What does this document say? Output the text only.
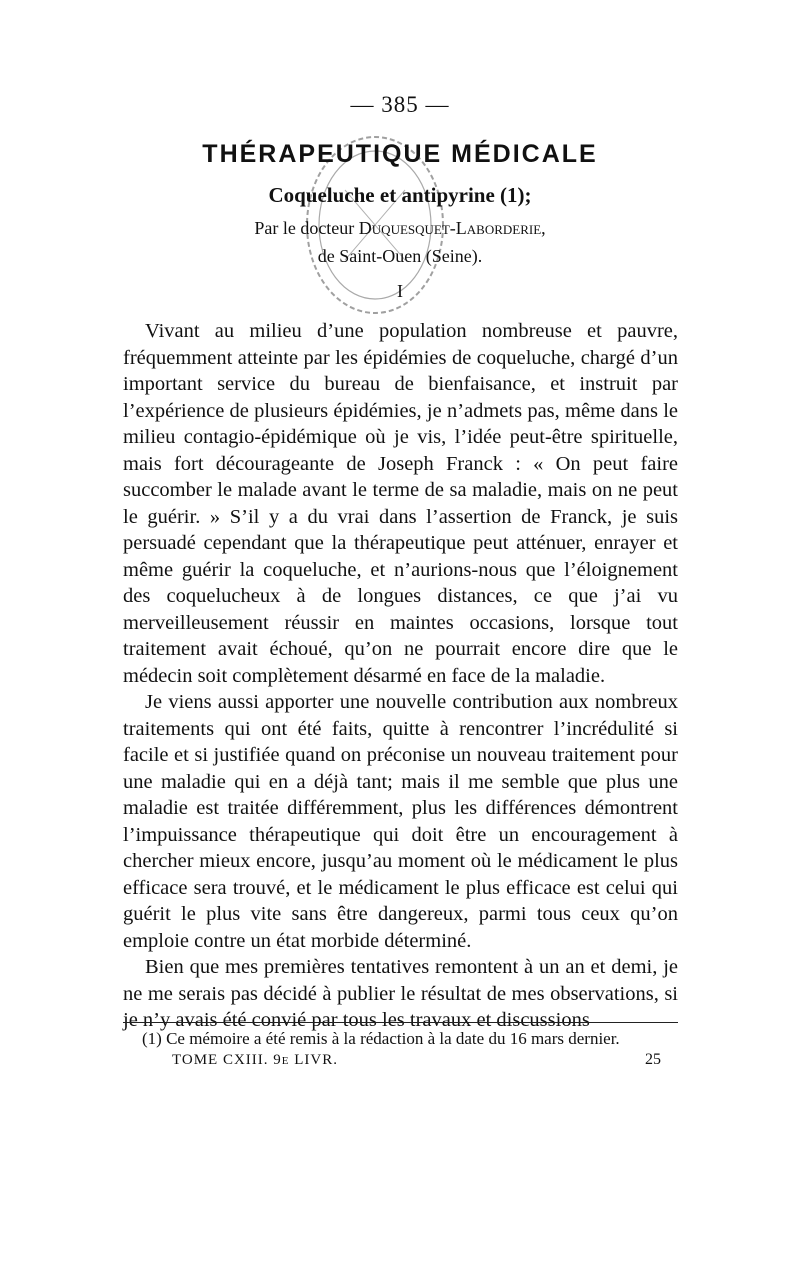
— 385 —
THÉRAPEUTIQUE MÉDICALE
Coqueluche et antipyrine (1);
Par le docteur Duquesquet-Laborderie,
de Saint-Ouen (Seine).
I

Vivant au milieu d’une population nombreuse et pauvre, fréquemment atteinte par les épidémies de coqueluche, chargé d’un important service du bureau de bienfaisance, et instruit par l’expérience de plusieurs épidémies, je n’admets pas, même dans le milieu contagio-épidémique où je vis, l’idée peut-être spirituelle, mais fort décourageante de Joseph Franck : « On peut faire succomber le malade avant le terme de sa maladie, mais on ne peut le guérir. » S’il y a du vrai dans l’assertion de Franck, je suis persuadé cependant que la thérapeutique peut atténuer, enrayer et même guérir la coqueluche, et n’aurions-nous que l’éloignement des coquelucheux à de longues distances, ce que j’ai vu merveilleusement réussir en maintes occasions, lorsque tout traitement avait échoué, qu’on ne pourrait encore dire que le médecin soit complètement désarmé en face de la maladie.

Je viens aussi apporter une nouvelle contribution aux nombreux traitements qui ont été faits, quitte à rencontrer l’incrédulité si facile et si justifiée quand on préconise un nouveau traitement pour une maladie qui en a déjà tant; mais il me semble que plus une maladie est traitée différemment, plus les différences démontrent l’impuissance thérapeutique qui doit être un encouragement à chercher mieux encore, jusqu’au moment où le médicament le plus efficace sera trouvé, et le médicament le plus efficace est celui qui guérit le plus vite sans être dangereux, parmi tous ceux qu’on emploie contre un état morbide déterminé.

Bien que mes premières tentatives remontent à un an et demi, je ne me serais pas décidé à publier le résultat de mes observations, si je n’y avais été convié par tous les travaux et discussions

(1) Ce mémoire a été remis à la rédaction à la date du 16 mars dernier.
TOME CXIII. 9e LIVR.	25
